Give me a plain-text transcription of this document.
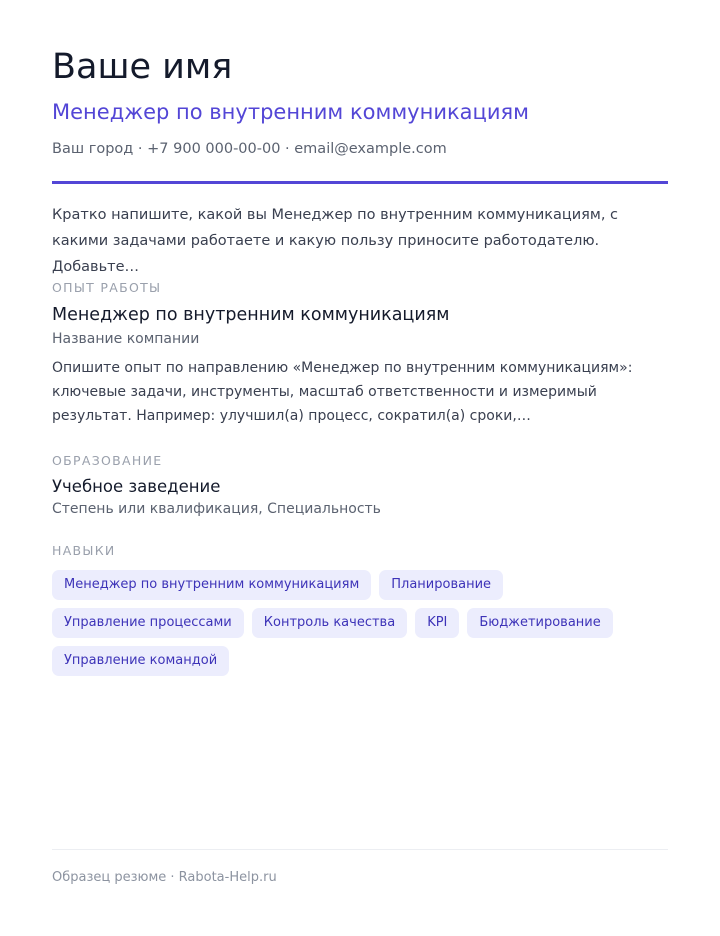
Ваше имя
Менеджер по внутренним коммуникациям
Ваш город · +7 900 000-00-00 · email@example.com

Кратко напишите, какой вы Менеджер по внутренним коммуникациям, с какими задачами работаете и какую пользу приносите работодателю. Добавьте…

ОПЫТ РАБОТЫ
Менеджер по внутренним коммуникациям
Название компании

Опишите опыт по направлению «Менеджер по внутренним коммуникациям»: ключевые задачи, инструменты, масштаб ответственности и измеримый результат. Например: улучшил(а) процесс, сократил(а) сроки,…

ОБРАЗОВАНИЕ
Учебное заведение
Степень или квалификация, Специальность
НАВЫКИ
Менеджер по внутренним коммуникациям	Планирование
Управление процессами	Контроль качества	KPI	Бюджетирование
Управление командой
Образец резюме · Rabota-Help.ru
